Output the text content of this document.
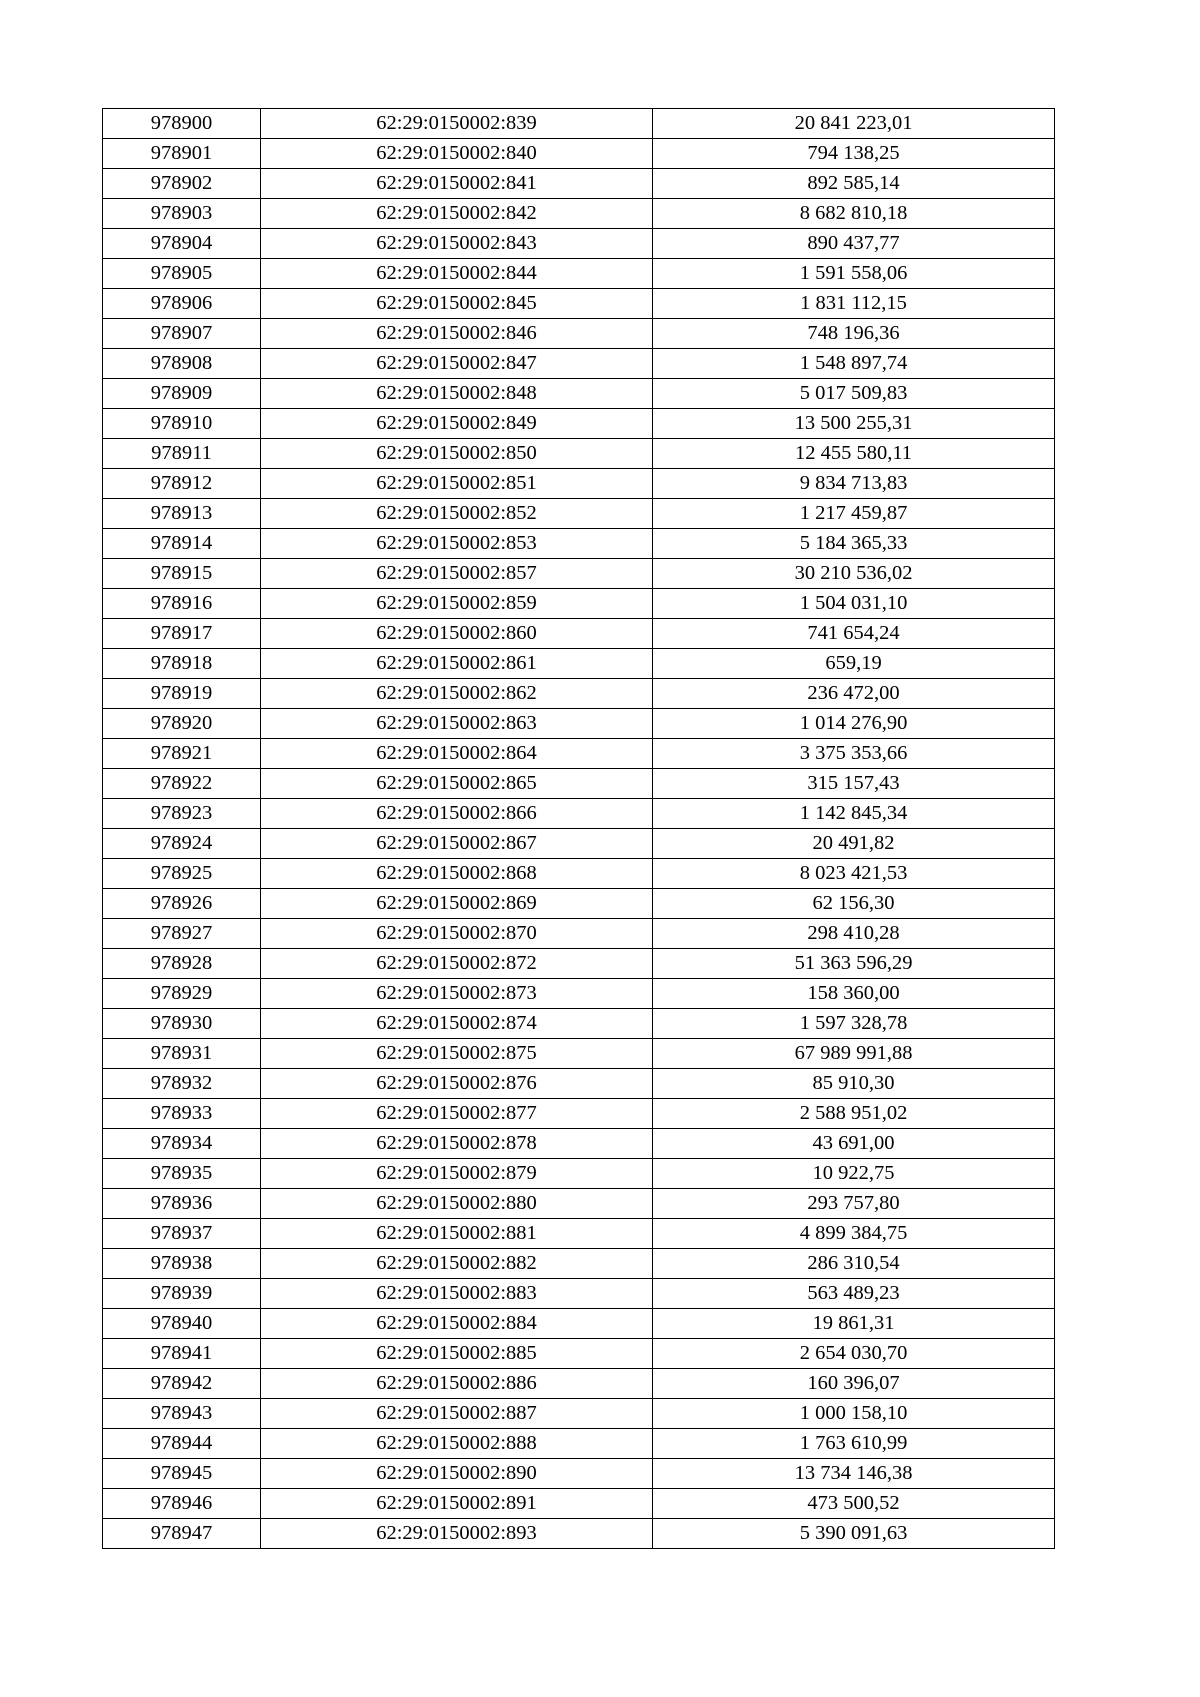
978900	62:29:0150002:839	20 841 223,01
978901	62:29:0150002:840	794 138,25
978902	62:29:0150002:841	892 585,14
978903	62:29:0150002:842	8 682 810,18
978904	62:29:0150002:843	890 437,77
978905	62:29:0150002:844	1 591 558,06
978906	62:29:0150002:845	1 831 112,15
978907	62:29:0150002:846	748 196,36
978908	62:29:0150002:847	1 548 897,74
978909	62:29:0150002:848	5 017 509,83
978910	62:29:0150002:849	13 500 255,31
978911	62:29:0150002:850	12 455 580,11
978912	62:29:0150002:851	9 834 713,83
978913	62:29:0150002:852	1 217 459,87
978914	62:29:0150002:853	5 184 365,33
978915	62:29:0150002:857	30 210 536,02
978916	62:29:0150002:859	1 504 031,10
978917	62:29:0150002:860	741 654,24
978918	62:29:0150002:861	659,19
978919	62:29:0150002:862	236 472,00
978920	62:29:0150002:863	1 014 276,90
978921	62:29:0150002:864	3 375 353,66
978922	62:29:0150002:865	315 157,43
978923	62:29:0150002:866	1 142 845,34
978924	62:29:0150002:867	20 491,82
978925	62:29:0150002:868	8 023 421,53
978926	62:29:0150002:869	62 156,30
978927	62:29:0150002:870	298 410,28
978928	62:29:0150002:872	51 363 596,29
978929	62:29:0150002:873	158 360,00
978930	62:29:0150002:874	1 597 328,78
978931	62:29:0150002:875	67 989 991,88
978932	62:29:0150002:876	85 910,30
978933	62:29:0150002:877	2 588 951,02
978934	62:29:0150002:878	43 691,00
978935	62:29:0150002:879	10 922,75
978936	62:29:0150002:880	293 757,80
978937	62:29:0150002:881	4 899 384,75
978938	62:29:0150002:882	286 310,54
978939	62:29:0150002:883	563 489,23
978940	62:29:0150002:884	19 861,31
978941	62:29:0150002:885	2 654 030,70
978942	62:29:0150002:886	160 396,07
978943	62:29:0150002:887	1 000 158,10
978944	62:29:0150002:888	1 763 610,99
978945	62:29:0150002:890	13 734 146,38
978946	62:29:0150002:891	473 500,52
978947	62:29:0150002:893	5 390 091,63
